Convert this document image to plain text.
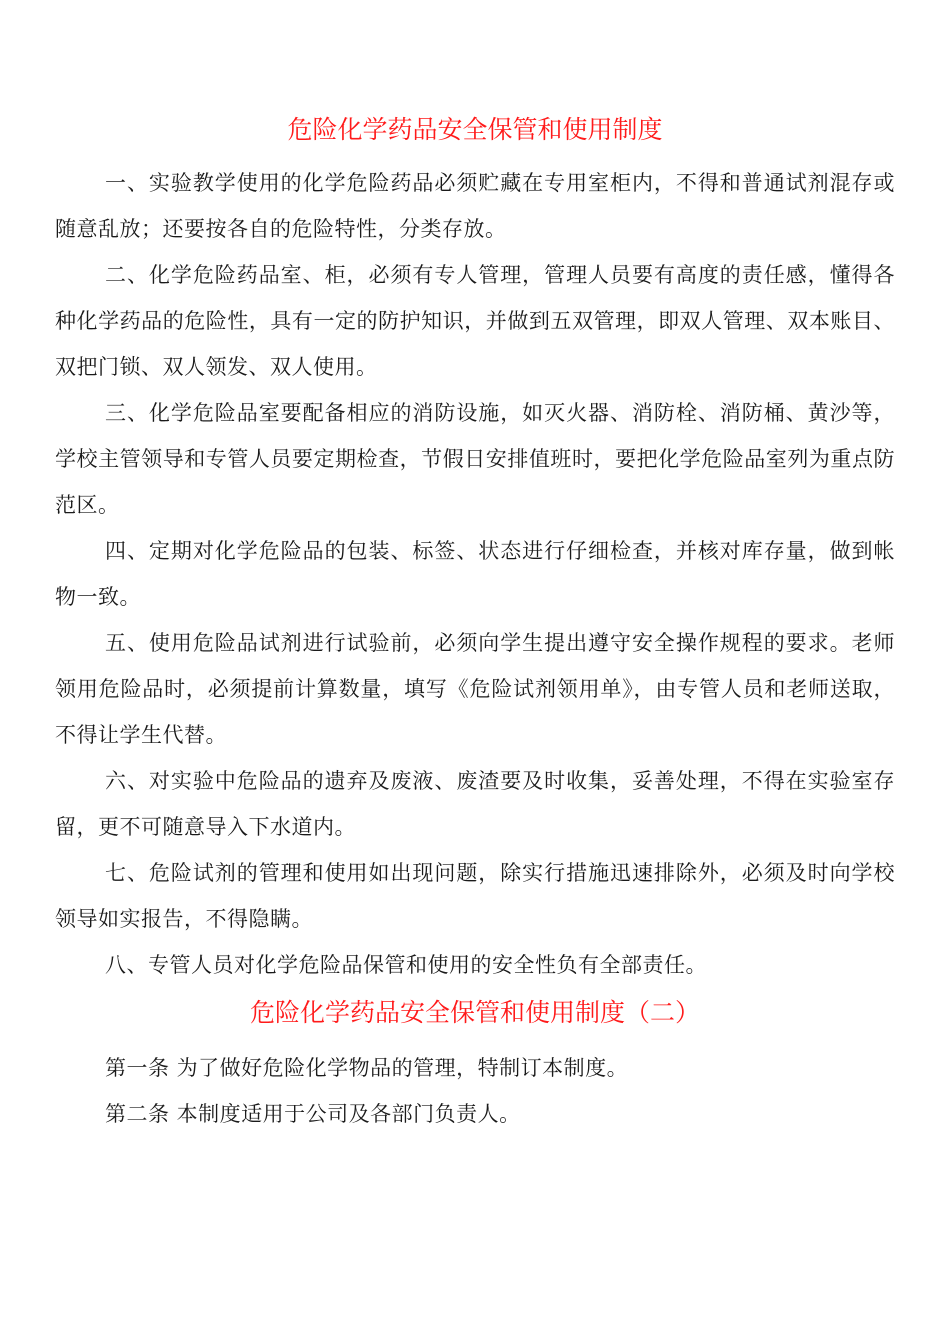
危险化学药品安全保管和使用制度
一、实验教学使用的化学危险药品必须贮藏在专用室柜内，不得和普通试剂混存或随意乱放；还要按各自的危险特性，分类存放。
二、化学危险药品室、柜，必须有专人管理，管理人员要有高度的责任感，懂得各种化学药品的危险性，具有一定的防护知识，并做到五双管理，即双人管理、双本账目、双把门锁、双人领发、双人使用。
三、化学危险品室要配备相应的消防设施，如灭火器、消防栓、消防桶、黄沙等，学校主管领导和专管人员要定期检查，节假日安排值班时，要把化学危险品室列为重点防范区。
四、定期对化学危险品的包装、标签、状态进行仔细检查，并核对库存量，做到帐物一致。
五、使用危险品试剂进行试验前，必须向学生提出遵守安全操作规程的要求。老师领用危险品时，必须提前计算数量，填写《危险试剂领用单》，由专管人员和老师送取，不得让学生代替。
六、对实验中危险品的遗弃及废液、废渣要及时收集，妥善处理，不得在实验室存留，更不可随意导入下水道内。
七、危险试剂的管理和使用如出现问题，除实行措施迅速排除外，必须及时向学校领导如实报告，不得隐瞒。
八、专管人员对化学危险品保管和使用的安全性负有全部责任。
危险化学药品安全保管和使用制度（二）
第一条 为了做好危险化学物品的管理，特制订本制度。
第二条 本制度适用于公司及各部门负责人。
